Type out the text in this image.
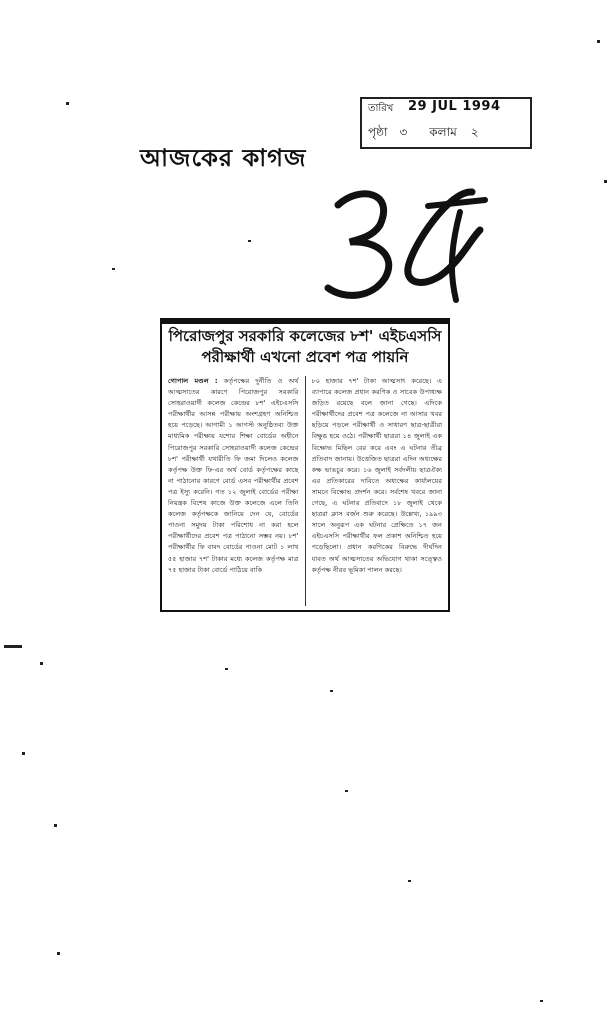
তারিখ 29 JUL 1994
পৃষ্ঠা ৩ কলাম ২
আজকের কাগজ
পিরোজপুর সরকারি কলেজের ৮শ' এইচএসসি
পরীক্ষার্থী এখনো প্রবেশ পত্র পায়নি
গোপাল মণ্ডল : কর্তৃপক্ষের দুর্নীতি ও অর্থ আত্মসাতের কারণে পিরোজপুর সরকারি সোহরাওয়ার্দী কলেজ কেন্দ্রের ৮শ' এইচএসসি পরীক্ষার্থীর আসন্ন পরীক্ষায় অংশগ্রহণ অনিশ্চিত হয়ে পড়েছে। আগামী ১ আগস্ট অনুষ্ঠিতব্য উক্ত মাধ্যমিক পরীক্ষায় যশোর শিক্ষা বোর্ডের অধীনে পিরোজপুর সরকারি সোহরাওয়ার্দী কলেজ কেন্দ্রের ৮শ' পরীক্ষার্থী যথারীতি ফি জমা দিলেও কলেজ কর্তৃপক্ষ উক্ত ফি-এর অর্থ বোর্ড কর্তৃপক্ষের কাছে না পাঠানোর কারণে বোর্ড এসব পরীক্ষার্থীর প্রবেশ পত্র ইস্যু করেনি। গত ১২ জুলাই বোর্ডের পরীক্ষা নিয়ন্ত্রক বিশেষ কাজে উক্ত কলেজে এলে তিনি কলেজ কর্তৃপক্ষকে জানিয়ে দেন যে, বোর্ডের পাওনা সমুদয় টাকা পরিশোধ না করা হলে পরীক্ষার্থীদের প্রবেশ পত্র পাঠানো সম্ভব নয়। ৮শ' পরীক্ষার্থীর ফি বাবদ বোর্ডের পাওনা মোট ১ লাখ ৫৫ হাজার ৭শ' টাকার মধ্যে কলেজ কর্তৃপক্ষ মাত্র ৭৫ হাজার টাকা বোর্ডে পাঠিয়ে বাকি
৮০ হাজার ৭শ' টাকা আত্মসাৎ করেছে। এ ব্যাপারে কলেজ প্রধান করণিক ও সাবেক উপাধ্যক্ষ জড়িত রয়েছে বলে জানা গেছে। এদিকে পরীক্ষার্থীদের প্রবেশ পত্র কলেজে না আসার খবর ছড়িয়ে পড়লে পরীক্ষার্থী ও সাধারণ ছাত্র-ছাত্রীরা বিক্ষুব্ধ হয়ে ওঠে। পরীক্ষার্থী ছাত্ররা ১৪ জুলাই এক বিক্ষোভ মিছিল বের করে এবং এ ঘটনার তীব্র প্রতিবাদ জানায়। উত্তেজিত ছাত্ররা এদিন অধ্যক্ষের কক্ষ ভাঙচুর করে। ১৬ জুলাই সর্বদলীয় ছাত্রঐক্য এর প্রতিকারের দাবিতে অধ্যক্ষের কার্যালয়ের সামনে বিক্ষোভ প্রদর্শন করে। সর্বশেষ খবরে জানা গেছে, এ ঘটনার প্রতিবাদে ১৮ জুলাই থেকে ছাত্ররা ক্লাস বর্জন শুরু করেছে। উল্লেখ্য, ১৯৯৩ সালে অনুরূপ এক ঘটনার প্রেক্ষিতে ১৭ জন এইচএসসি পরীক্ষার্থীর ফল প্রকাশ অনিশ্চিত হয়ে পড়েছিলো। প্রধান করণিকের বিরুদ্ধে দীর্ঘদিন যাবত অর্থ আত্মসাতের অভিযোগ থাকা সত্ত্বেও কর্তৃপক্ষ নীরব ভূমিকা পালন করছে।
